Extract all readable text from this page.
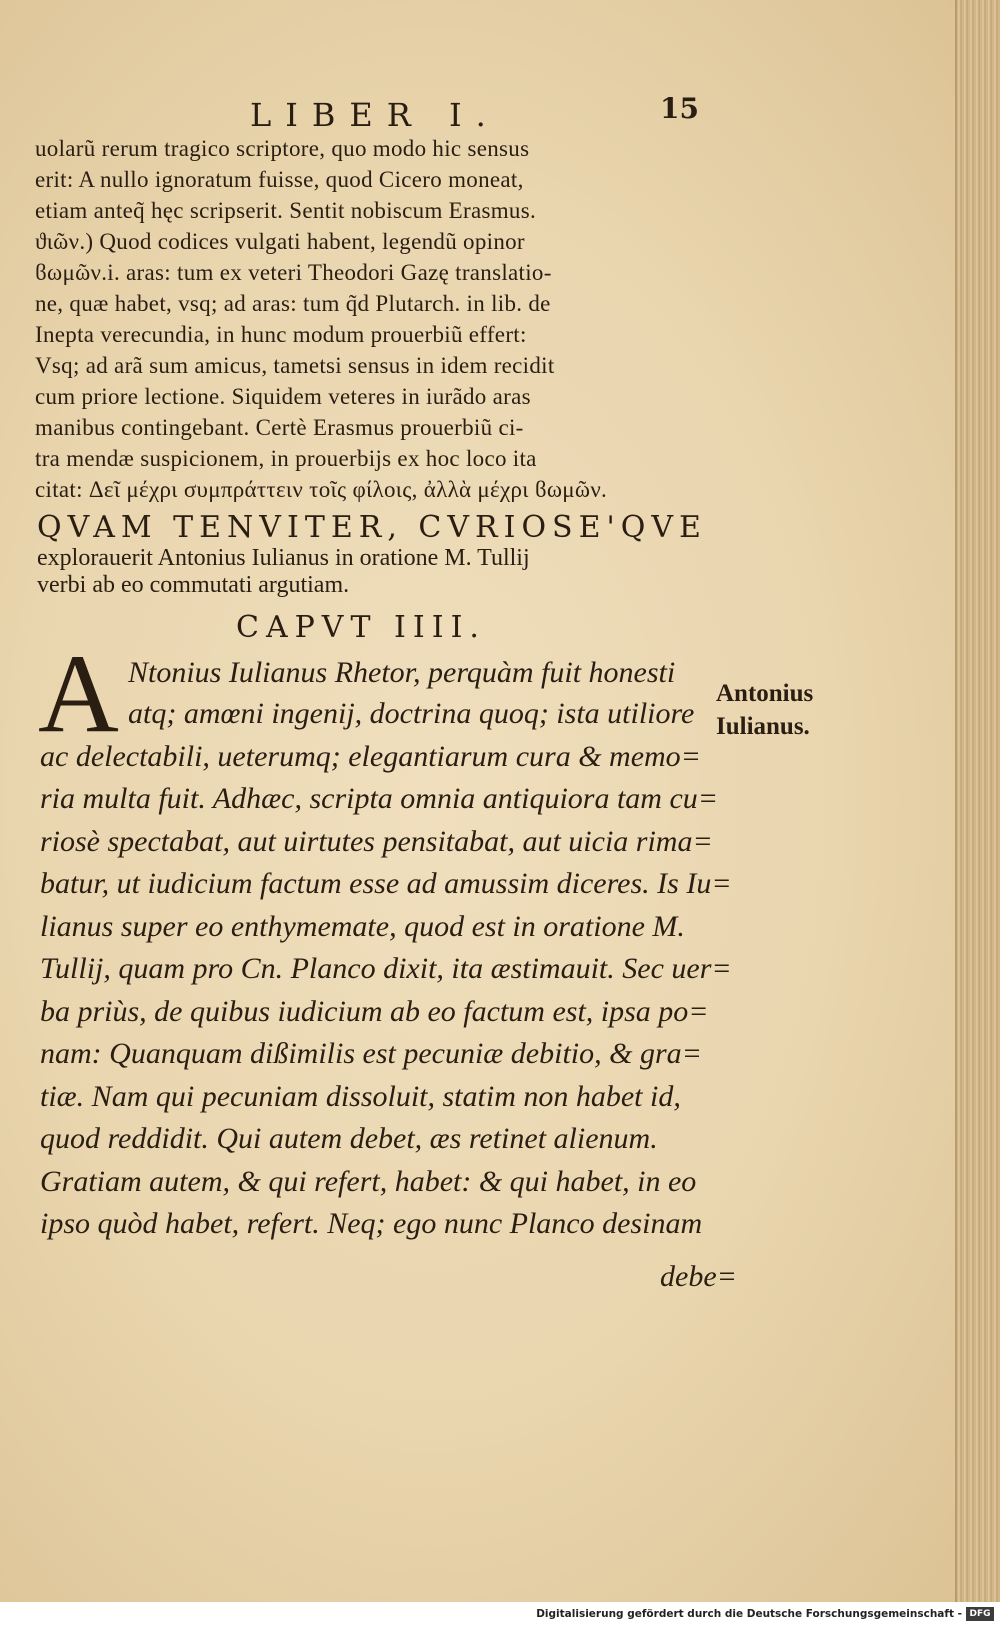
LIBER I.	15
uolarũ rerum tragico scriptore, quo modo hic sensus
erit: A nullo ignoratum fuisse, quod Cicero moneat,
etiam anteq̃ hęc scripserit. Sentit nobiscum Erasmus.
ϑιῶν.) Quod codices vulgati habent, legendũ opinor
ϐωμῶν.i. aras: tum ex veteri Theodori Gazę translatio-
ne, quæ habet, vsq; ad aras: tum q̃d Plutarch. in lib. de
Inepta verecundia, in hunc modum prouerbiũ effert:
Vsq; ad arã sum amicus, tametsi sensus in idem recidit
cum priore lectione. Siquidem veteres in iurãdo aras
manibus contingebant. Certè Erasmus prouerbiũ ci-
tra mendæ suspicionem, in prouerbijs ex hoc loco ita
citat: Δεῖ μέχρι συμπράττειν τοῖς φίλοις, ἀλλὰ μέχρι ϐωμῶν.
QVAM TENVITER, CVRIOSE'QVE
explorauerit Antonius Iulianus in oratione M. Tullij
verbi ab eo commutati argutiam.
CAPVT IIII.
A Ntonius Iulianus Rhetor, perquàm fuit honesti
atq; amœni ingenij, doctrina quoq; ista utiliore
ac delectabili, ueterumq; elegantiarum cura & memo=
ria multa fuit. Adhæc, scripta omnia antiquiora tam cu=
riosè spectabat, aut uirtutes pensitabat, aut uicia rima=
batur, ut iudicium factum esse ad amussim diceres. Is Iu=
lianus super eo enthymemate, quod est in oratione M.
Tullij, quam pro Cn. Planco dixit, ita æstimauit. Sec uer=
ba priùs, de quibus iudicium ab eo factum est, ipsa po=
nam: Quanquam dißimilis est pecuniæ debitio, & gra=
tiæ. Nam qui pecuniam dissoluit, statim non habet id,
quod reddidit. Qui autem debet, æs retinet alienum.
Gratiam autem, & qui refert, habet: & qui habet, in eo
ipso quòd habet, refert. Neq; ego nunc Planco desinam
debe=
Antonius
Iulianus.
Digitalisierung gefördert durch die Deutsche Forschungsgemeinschaft - DFG
